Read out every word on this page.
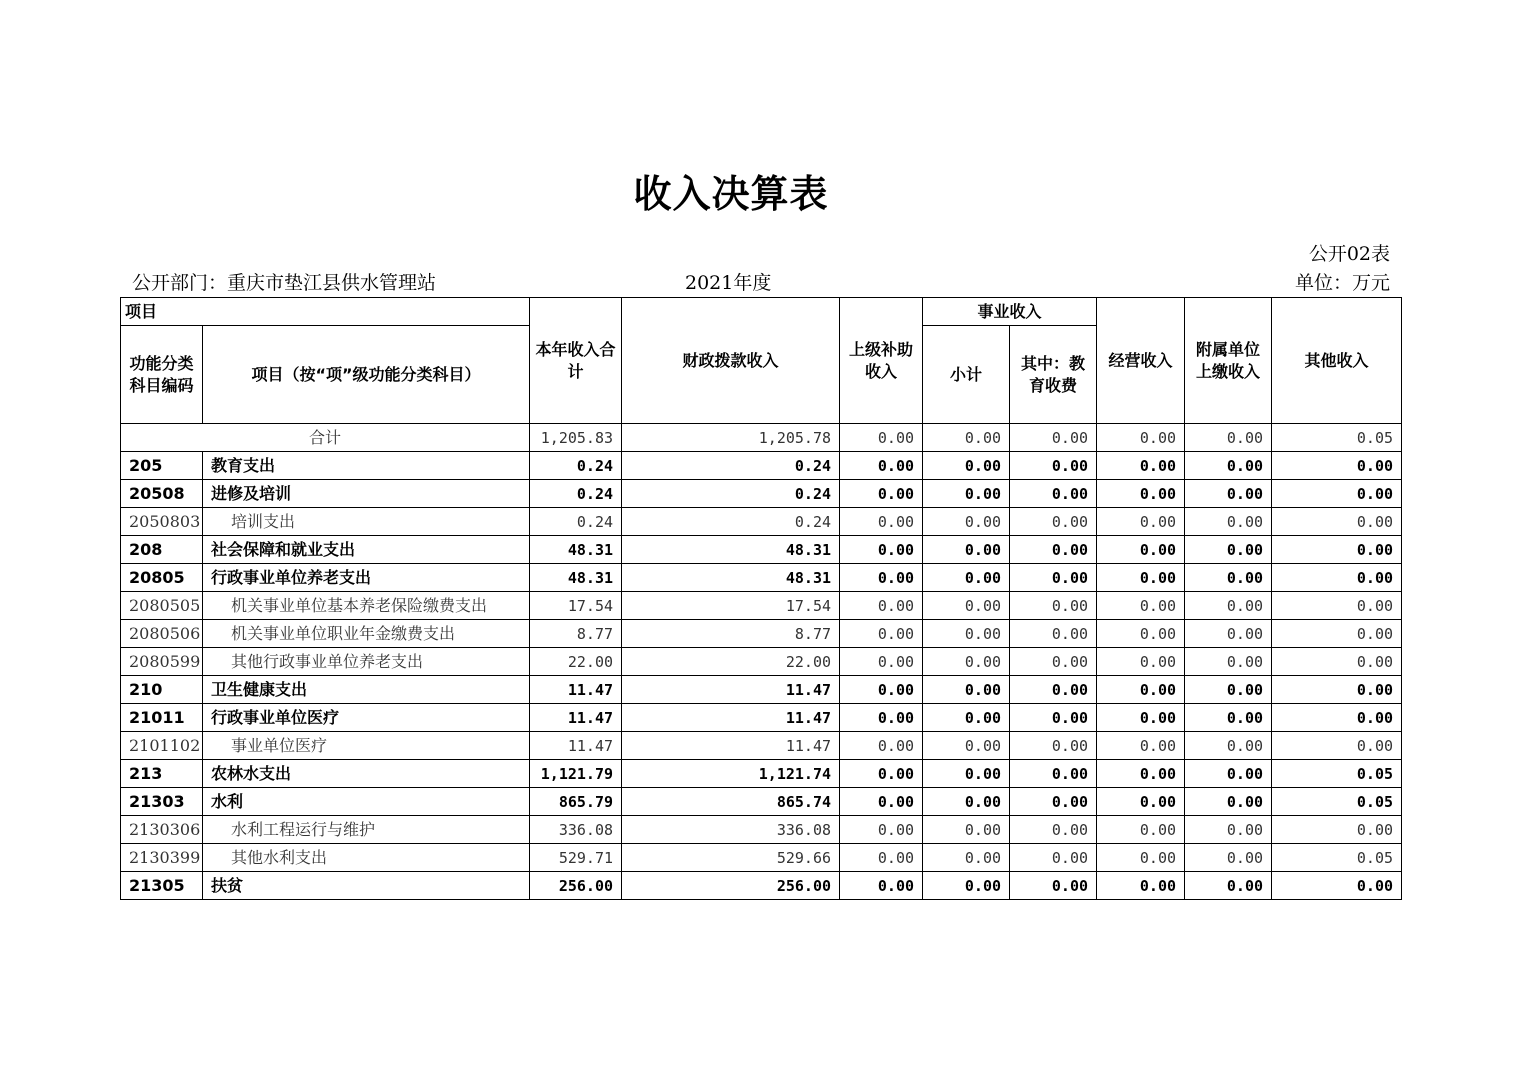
收入决算表
公开02表
公开部门：重庆市垫江县供水管理站	2021年度	单位：万元
项目		本年收入合计	财政拨款收入	上级补助收入	事业收入		经营收入	附属单位上缴收入	其他收入
功能分类科目编码	项目（按“项”级功能分类科目）								
					小计	其中：教育收费			
合计		1,205.83	1,205.78	0.00	0.00	0.00	0.00	0.00	0.05
205	教育支出	0.24	0.24	0.00	0.00	0.00	0.00	0.00	0.00
20508	进修及培训	0.24	0.24	0.00	0.00	0.00	0.00	0.00	0.00
2050803	培训支出	0.24	0.24	0.00	0.00	0.00	0.00	0.00	0.00
208	社会保障和就业支出	48.31	48.31	0.00	0.00	0.00	0.00	0.00	0.00
20805	行政事业单位养老支出	48.31	48.31	0.00	0.00	0.00	0.00	0.00	0.00
2080505	机关事业单位基本养老保险缴费支出	17.54	17.54	0.00	0.00	0.00	0.00	0.00	0.00
2080506	机关事业单位职业年金缴费支出	8.77	8.77	0.00	0.00	0.00	0.00	0.00	0.00
2080599	其他行政事业单位养老支出	22.00	22.00	0.00	0.00	0.00	0.00	0.00	0.00
210	卫生健康支出	11.47	11.47	0.00	0.00	0.00	0.00	0.00	0.00
21011	行政事业单位医疗	11.47	11.47	0.00	0.00	0.00	0.00	0.00	0.00
2101102	事业单位医疗	11.47	11.47	0.00	0.00	0.00	0.00	0.00	0.00
213	农林水支出	1,121.79	1,121.74	0.00	0.00	0.00	0.00	0.00	0.05
21303	水利	865.79	865.74	0.00	0.00	0.00	0.00	0.00	0.05
2130306	水利工程运行与维护	336.08	336.08	0.00	0.00	0.00	0.00	0.00	0.00
2130399	其他水利支出	529.71	529.66	0.00	0.00	0.00	0.00	0.00	0.05
21305	扶贫	256.00	256.00	0.00	0.00	0.00	0.00	0.00	0.00
